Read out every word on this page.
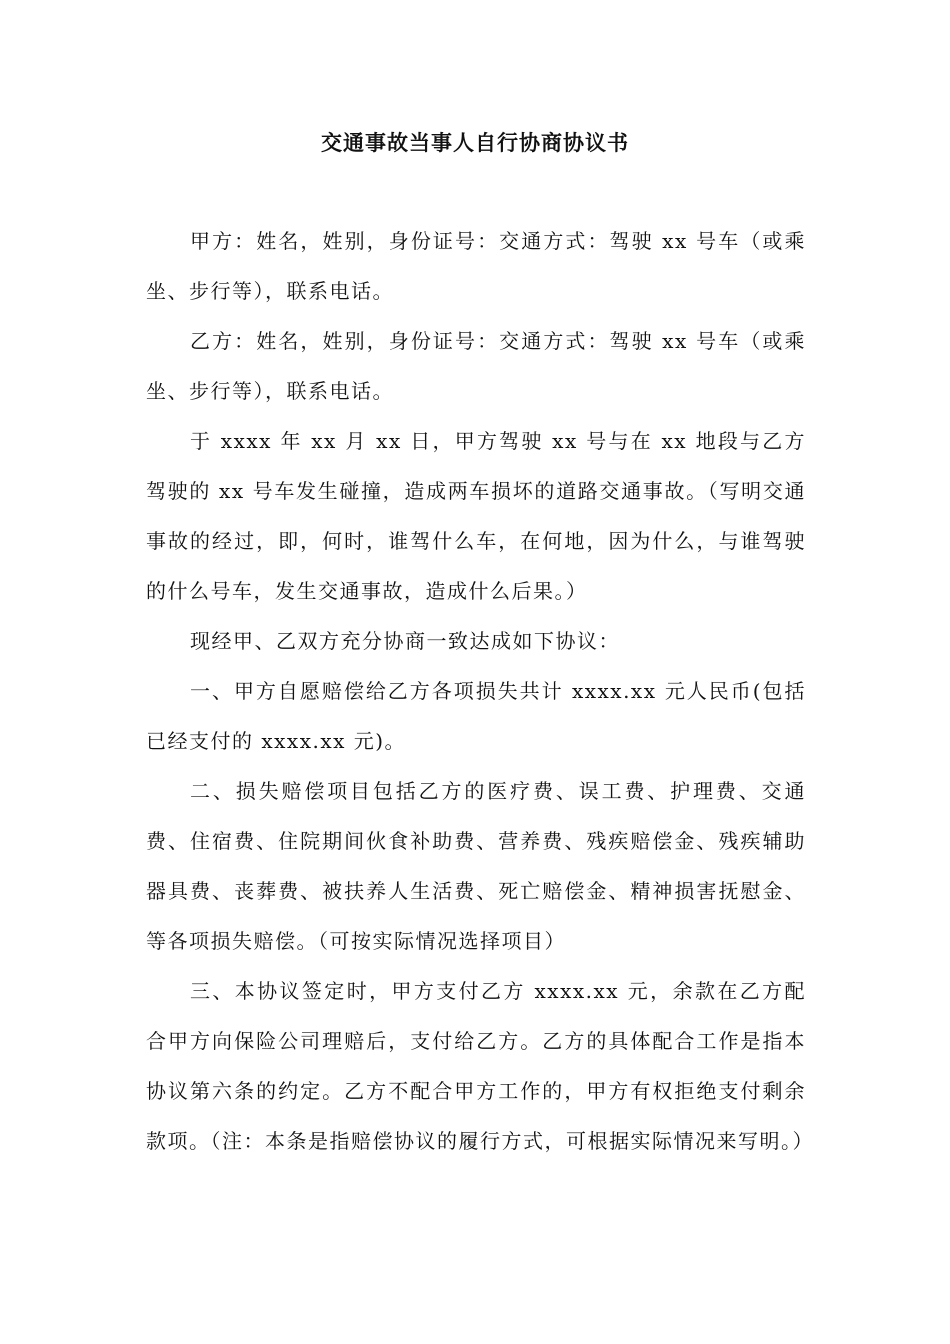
交通事故当事人自行协商协议书

甲方：姓名，姓别，身份证号：交通方式：驾驶 xx 号车（或乘坐、步行等），联系电话。

乙方：姓名，姓别，身份证号：交通方式：驾驶 xx 号车（或乘坐、步行等），联系电话。

于 xxxx 年 xx 月 xx 日，甲方驾驶 xx 号与在 xx 地段与乙方驾驶的 xx 号车发生碰撞，造成两车损坏的道路交通事故。（写明交通事故的经过，即，何时，谁驾什么车，在何地，因为什么，与谁驾驶的什么号车，发生交通事故，造成什么后果。）

现经甲、乙双方充分协商一致达成如下协议：

一、甲方自愿赔偿给乙方各项损失共计 xxxx.xx 元人民币(包括已经支付的 xxxx.xx 元)。

二、损失赔偿项目包括乙方的医疗费、误工费、护理费、交通费、住宿费、住院期间伙食补助费、营养费、残疾赔偿金、残疾辅助器具费、丧葬费、被扶养人生活费、死亡赔偿金、精神损害抚慰金、等各项损失赔偿。（可按实际情况选择项目）

三、本协议签定时，甲方支付乙方 xxxx.xx 元，余款在乙方配合甲方向保险公司理赔后，支付给乙方。乙方的具体配合工作是指本协议第六条的约定。乙方不配合甲方工作的，甲方有权拒绝支付剩余款项。（注：本条是指赔偿协议的履行方式，可根据实际情况来写明。）
